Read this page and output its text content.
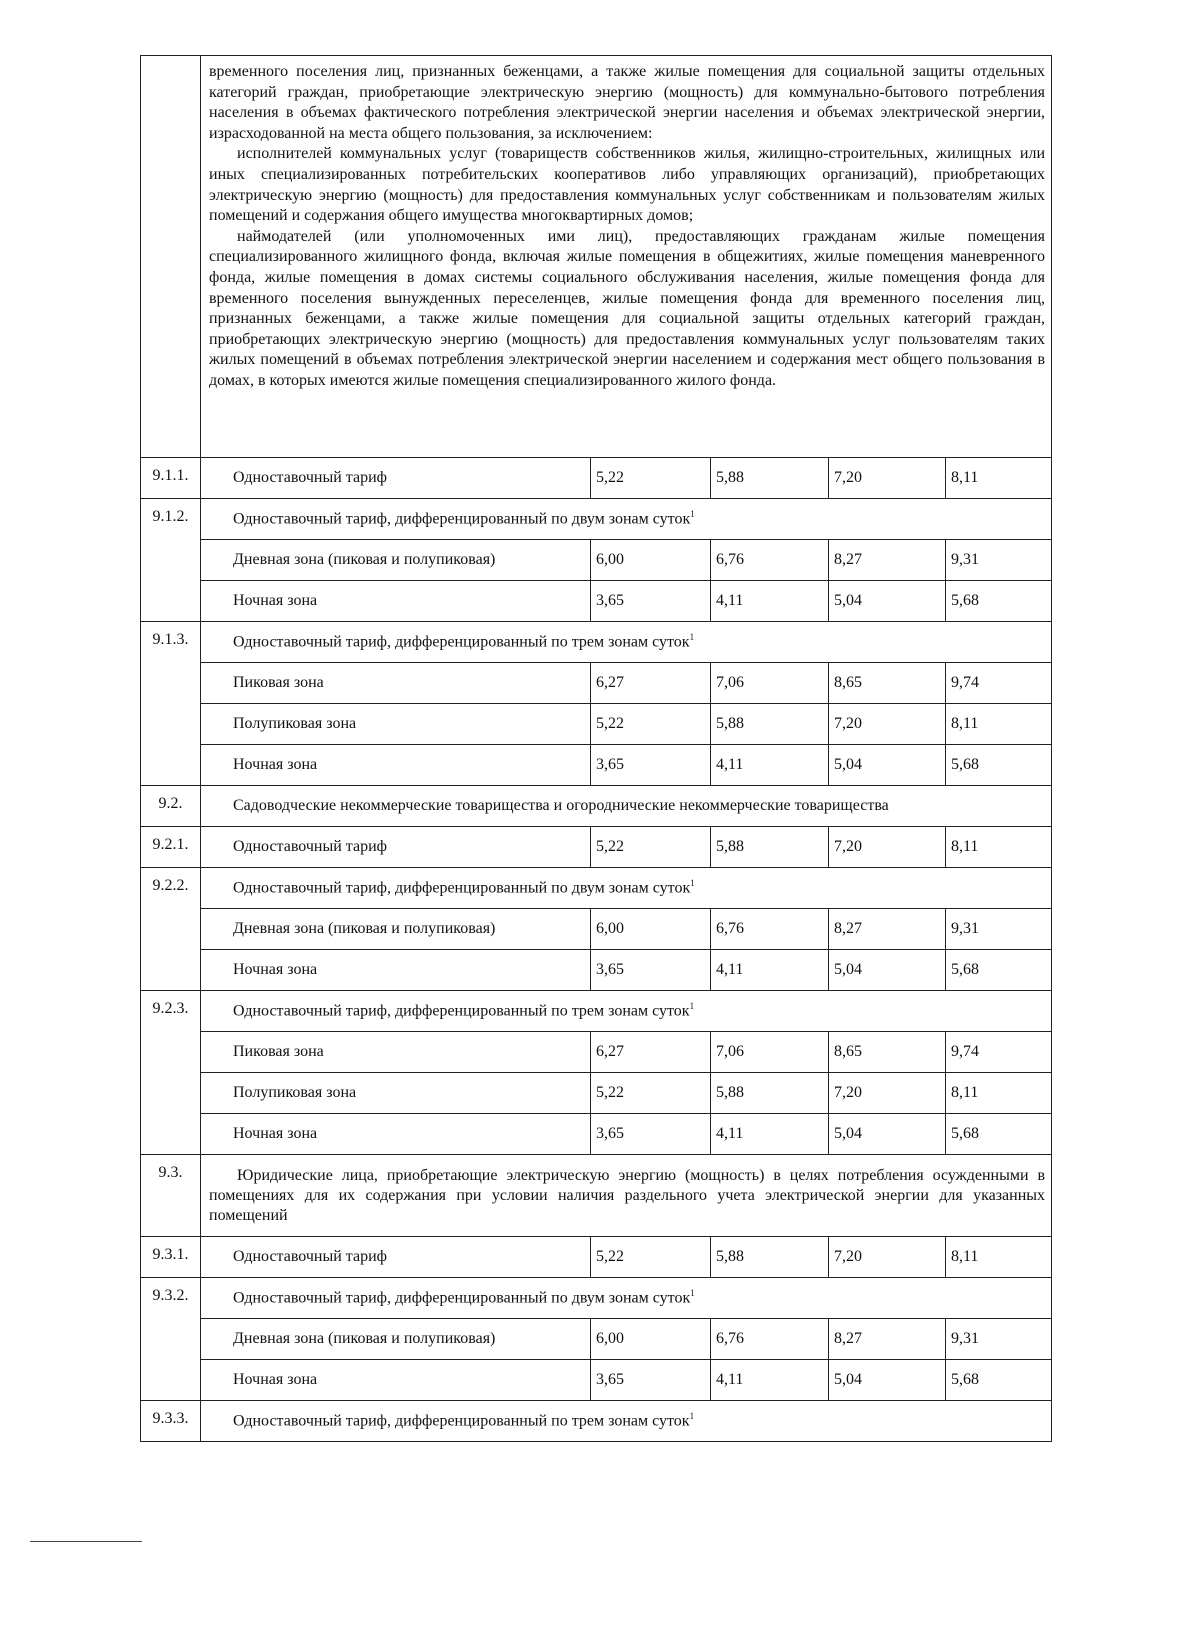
	временного поселения лиц, признанных беженцами, а также жилые помещения для социальной защиты отдельных категорий граждан, приобретающие электрическую энергию (мощность) для коммунально-бытового потребления населения в объемах фактического потребления электрической энергии населения и объемах электрической энергии, израсходованной на места общего пользования, за исключением:

исполнителей коммунальных услуг (товариществ собственников жилья, жилищно-строительных, жилищных или иных специализированных потребительских кооперативов либо управляющих организаций), приобретающих электрическую энергию (мощность) для предоставления коммунальных услуг собственникам и пользователям жилых помещений и содержания общего имущества многоквартирных домов;

наймодателей (или уполномоченных ими лиц), предоставляющих гражданам жилые помещения специализированного жилищного фонда, включая жилые помещения в общежитиях, жилые помещения маневренного фонда, жилые помещения в домах системы социального обслуживания населения, жилые помещения фонда для временного поселения вынужденных переселенцев, жилые помещения фонда для временного поселения лиц, признанных беженцами, а также жилые помещения для социальной защиты отдельных категорий граждан, приобретающих электрическую энергию (мощность) для предоставления коммунальных услуг пользователям таких жилых помещений в объемах потребления электрической энергии населением и содержания мест общего пользования в домах, в которых имеются жилые помещения специализированного жилого фонда.				

9.1.1.	Одноставочный тариф	5,22	5,88	7,20	8,11
9.1.2.	Одноставочный тариф, дифференцированный по двум зонам суток$^1$
	Дневная зона (пиковая и полупиковая)	6,00	6,76	8,27	9,31
	Ночная зона	3,65	4,11	5,04	5,68
9.1.3.	Одноставочный тариф, дифференцированный по трем зонам суток$^1$
	Пиковая зона	6,27	7,06	8,65	9,74
	Полупиковая зона	5,22	5,88	7,20	8,11
	Ночная зона	3,65	4,11	5,04	5,68
9.2.	Садоводческие некоммерческие товарищества и огороднические некоммерческие товарищества				
9.2.1.	Одноставочный тариф	5,22	5,88	7,20	8,11
9.2.2.	Одноставочный тариф, дифференцированный по двум зонам суток$^1$
	Дневная зона (пиковая и полупиковая)	6,00	6,76	8,27	9,31
	Ночная зона	3,65	4,11	5,04	5,68
9.2.3.	Одноставочный тариф, дифференцированный по трем зонам суток$^1$
	Пиковая зона	6,27	7,06	8,65	9,74
	Полупиковая зона	5,22	5,88	7,20	8,11
	Ночная зона	3,65	4,11	5,04	5,68
9.3.	Юридические лица, приобретающие электрическую энергию (мощность) в целях потребления осужденными в помещениях для их содержания при условии наличия раздельного учета электрической энергии для указанных помещений				
9.3.1.	Одноставочный тариф	5,22	5,88	7,20	8,11
9.3.2.	Одноставочный тариф, дифференцированный по двум зонам суток$^1$
	Дневная зона (пиковая и полупиковая)	6,00	6,76	8,27	9,31
	Ночная зона	3,65	4,11	5,04	5,68
9.3.3.	Одноставочный тариф, дифференцированный по трем зонам суток$^1$
